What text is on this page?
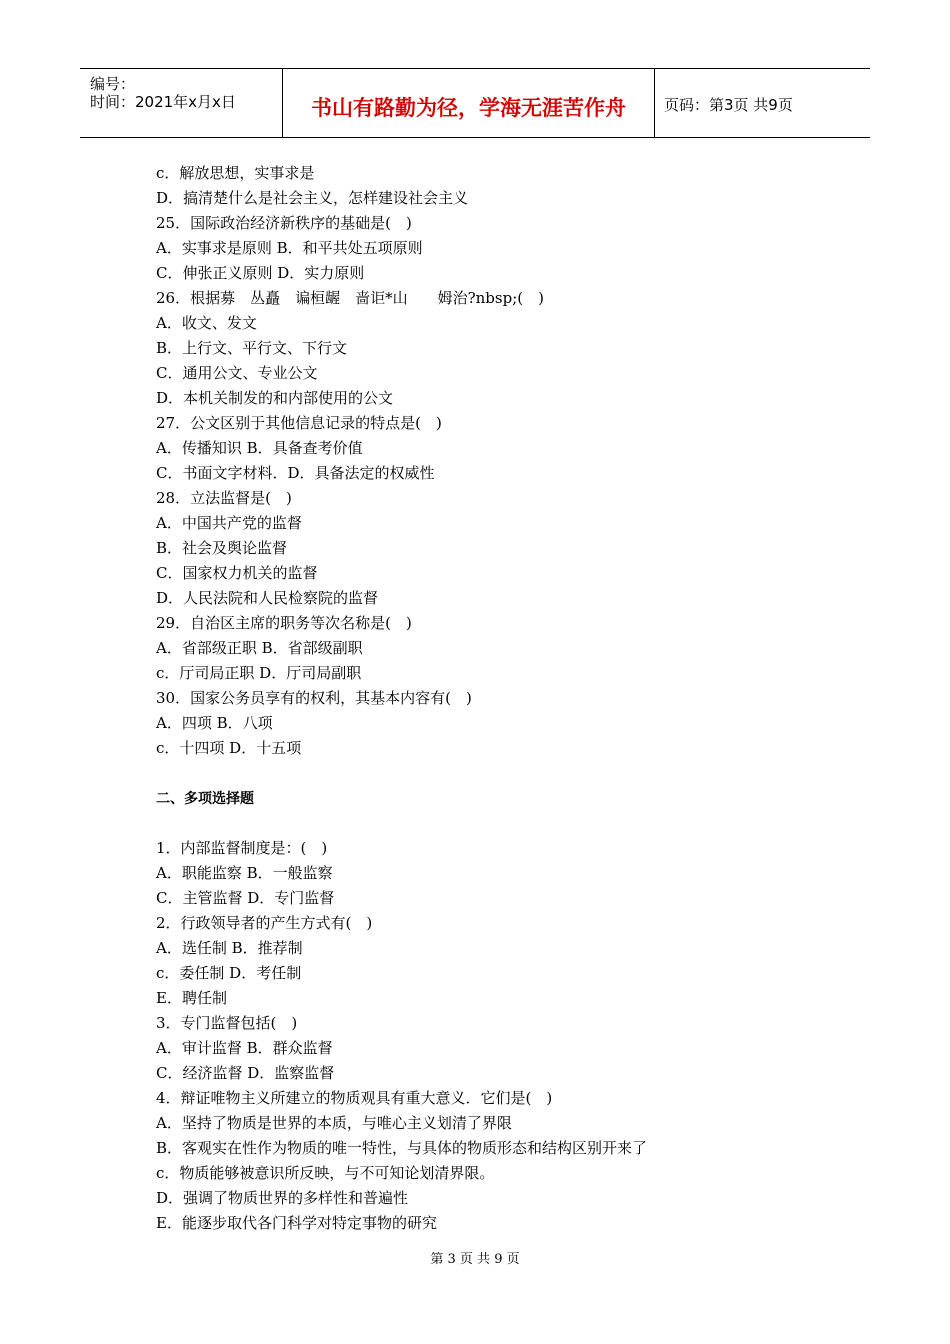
编号：
时间：2021年x月x日	书山有路勤为径，学海无涯苦作舟	页码：第3页 共9页
c．解放思想，实事求是
D．搞清楚什么是社会主义，怎样建设社会主义
25．国际政治经济新秩序的基础是(　)
A．实事求是原则 B．和平共处五项原则
C．伸张正义原则 D．实力原则
26．根据募　丛矗　谝桓龌　啬讵*山　　姆治?nbsp;(　)
A．收文、发文
B．上行文、平行文、下行文
C．通用公文、专业公文
D．本机关制发的和内部使用的公文
27．公文区别于其他信息记录的特点是(　)
A．传播知识 B．具备查考价值
C．书面文字材料．D．具备法定的权威性
28．立法监督是(　)
A．中国共产党的监督
B．社会及舆论监督
C．国家权力机关的监督
D．人民法院和人民检察院的监督
29．自治区主席的职务等次名称是(　)
A．省部级正职 B．省部级副职
c．厅司局正职 D．厅司局副职
30．国家公务员享有的权利，其基本内容有(　)
A．四项 B．八项
c．十四项 D．十五项
二、多项选择题
1．内部监督制度是：(　)
A．职能监察 B．一般监察
C．主管监督 D．专门监督
2．行政领导者的产生方式有(　)
A．选任制 B．推荐制
c．委任制 D．考任制
E．聘任制
3．专门监督包括(　)
A．审计监督 B．群众监督
C．经济监督 D．监察监督
4．辩证唯物主义所建立的物质观具有重大意义．它们是(　)
A．坚持了物质是世界的本质，与唯心主义划清了界限
B．客观实在性作为物质的唯一特性，与具体的物质形态和结构区别开来了
c．物质能够被意识所反映，与不可知论划清界限。
D．强调了物质世界的多样性和普遍性
E．能逐步取代各门科学对特定事物的研究
第 3 页 共 9 页
